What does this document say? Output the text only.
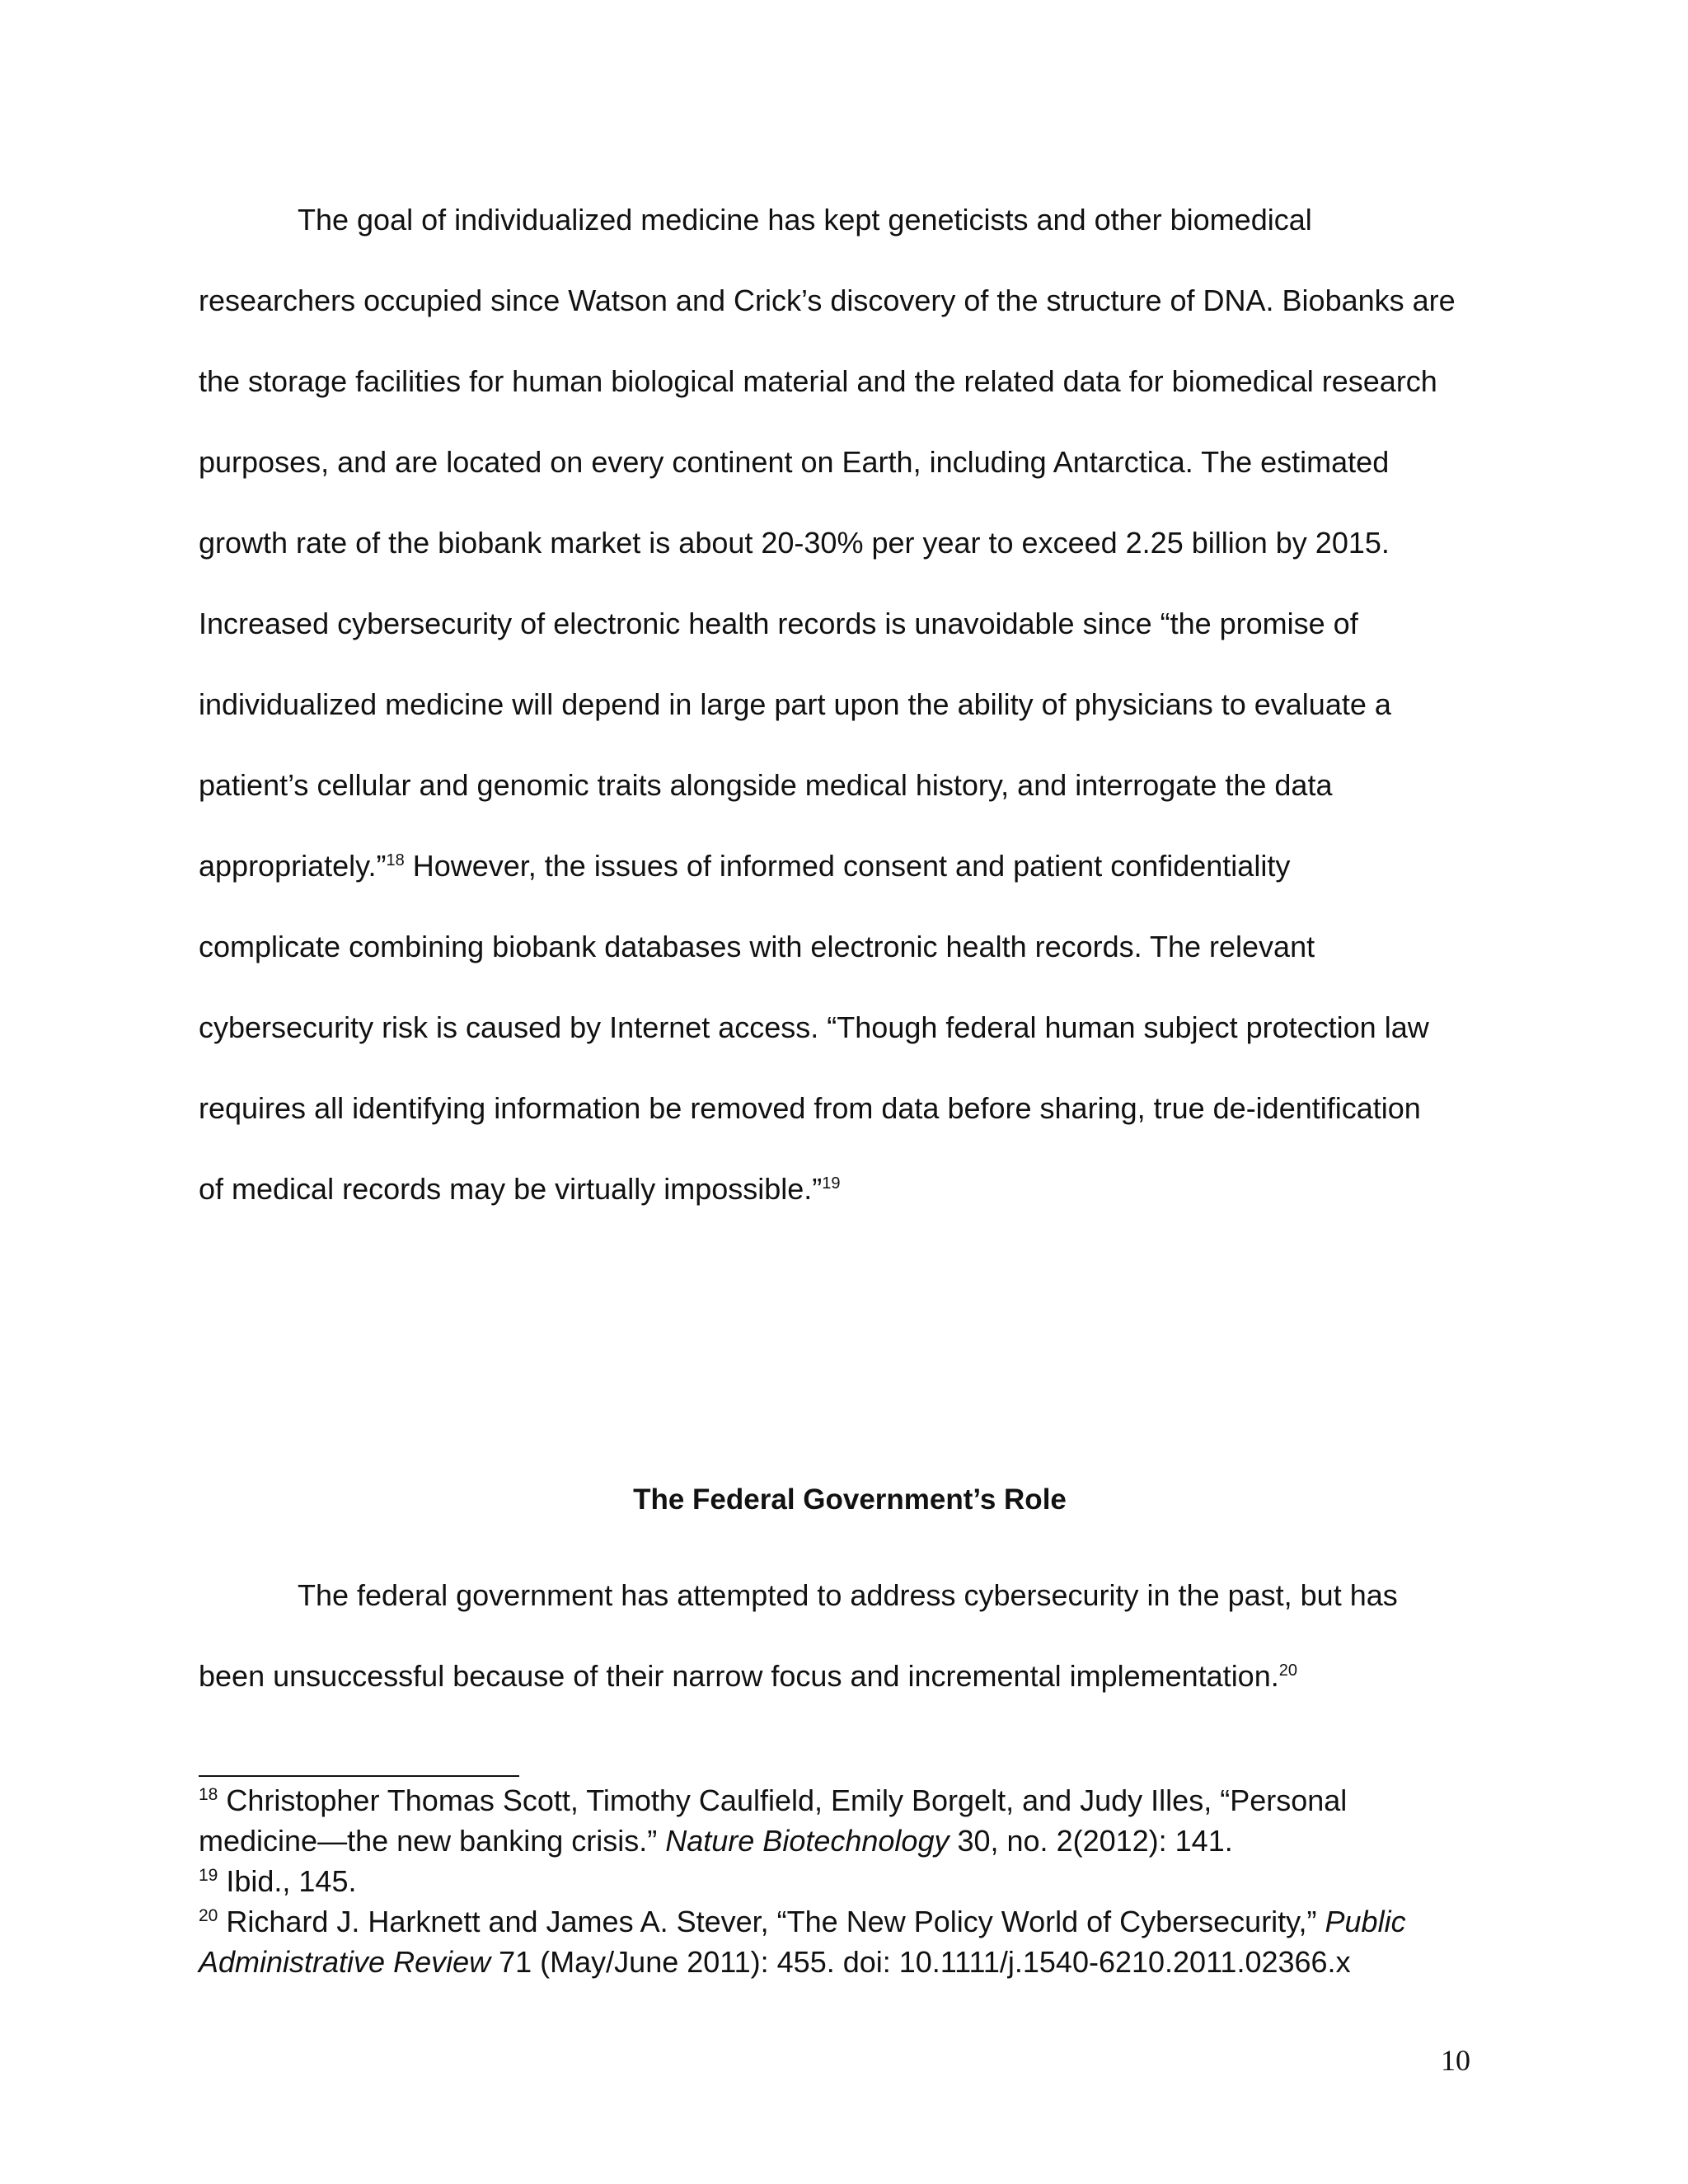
The goal of individualized medicine has kept geneticists and other biomedical
researchers occupied since Watson and Crick’s discovery of the structure of DNA. Biobanks are
the storage facilities for human biological material and the related data for biomedical research
purposes, and are located on every continent on Earth, including Antarctica. The estimated
growth rate of the biobank market is about 20-30% per year to exceed 2.25 billion by 2015.
Increased cybersecurity of electronic health records is unavoidable since “the promise of
individualized medicine will depend in large part upon the ability of physicians to evaluate a
patient’s cellular and genomic traits alongside medical history, and interrogate the data
appropriately.”$^{18}$ However, the issues of informed consent and patient confidentiality
complicate combining biobank databases with electronic health records. The relevant
cybersecurity risk is caused by Internet access. “Though federal human subject protection law
requires all identifying information be removed from data before sharing, true de-identification
of medical records may be virtually impossible.”$^{19}$
The Federal Government’s Role
The federal government has attempted to address cybersecurity in the past, but has
been unsuccessful because of their narrow focus and incremental implementation.$^{20}$
$^{18}$ Christopher Thomas Scott, Timothy Caulfield, Emily Borgelt, and Judy Illes, “Personal
medicine—the new banking crisis.” Nature Biotechnology 30, no. 2(2012): 141.
$^{19}$ Ibid., 145.
$^{20}$ Richard J. Harknett and James A. Stever, “The New Policy World of Cybersecurity,” Public
Administrative Review 71 (May/June 2011): 455. doi: 10.1111/j.1540-6210.2011.02366.x
10
